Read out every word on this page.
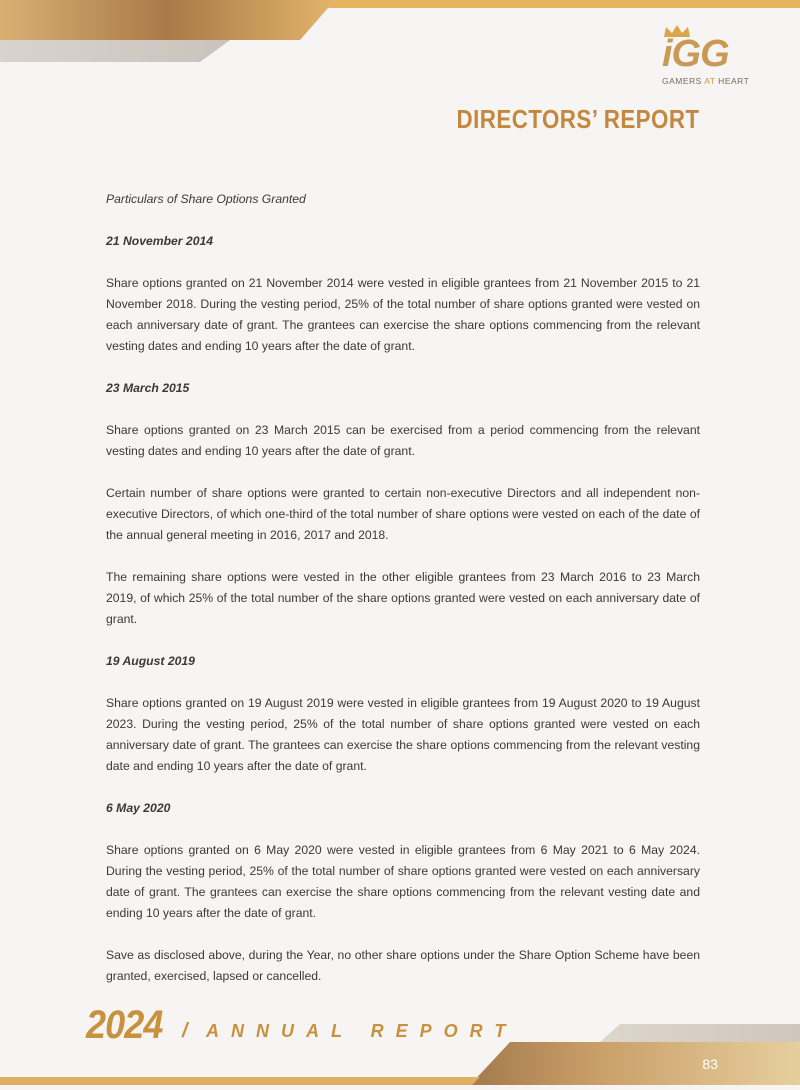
iGG
GAMERS AT HEART
DIRECTORS’ REPORT

Particulars of Share Options Granted

21 November 2014

Share options granted on 21 November 2014 were vested in eligible grantees from 21 November 2015 to 21 November 2018. During the vesting period, 25% of the total number of share options granted were vested on each anniversary date of grant. The grantees can exercise the share options commencing from the relevant vesting dates and ending 10 years after the date of grant.

23 March 2015

Share options granted on 23 March 2015 can be exercised from a period commencing from the relevant vesting dates and ending 10 years after the date of grant.

Certain number of share options were granted to certain non-executive Directors and all independent non-executive Directors, of which one-third of the total number of share options were vested on each of the date of the annual general meeting in 2016, 2017 and 2018.

The remaining share options were vested in the other eligible grantees from 23 March 2016 to 23 March 2019, of which 25% of the total number of the share options granted were vested on each anniversary date of grant.

19 August 2019

Share options granted on 19 August 2019 were vested in eligible grantees from 19 August 2020 to 19 August 2023. During the vesting period, 25% of the total number of share options granted were vested on each anniversary date of grant. The grantees can exercise the share options commencing from the relevant vesting date and ending 10 years after the date of grant.

6 May 2020

Share options granted on 6 May 2020 were vested in eligible grantees from 6 May 2021 to 6 May 2024. During the vesting period, 25% of the total number of share options granted were vested on each anniversary date of grant. The grantees can exercise the share options commencing from the relevant vesting date and ending 10 years after the date of grant.

Save as disclosed above, during the Year, no other share options under the Share Option Scheme have been granted, exercised, lapsed or cancelled.

2024 / ANNUAL REPORT
83
